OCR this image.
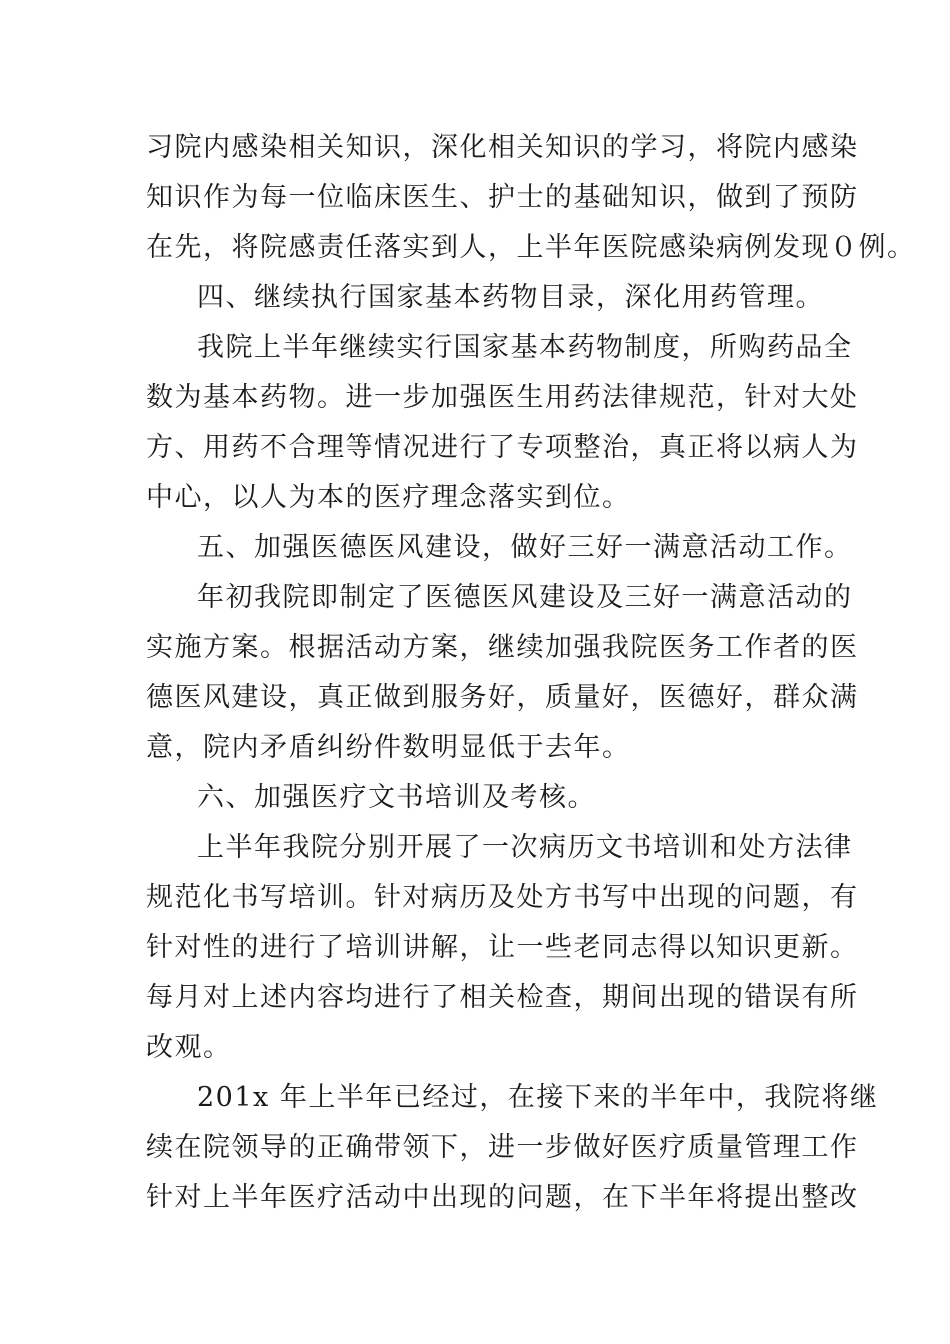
习院内感染相关知识，深化相关知识的学习，将院内感染
知识作为每一位临床医生、护士的基础知识，做到了预防
在先，将院感责任落实到人，上半年医院感染病例发现０例。
四、继续执行国家基本药物目录，深化用药管理。
我院上半年继续实行国家基本药物制度，所购药品全
数为基本药物。进一步加强医生用药法律规范，针对大处
方、用药不合理等情况进行了专项整治，真正将以病人为
中心，以人为本的医疗理念落实到位。
五、加强医德医风建设，做好三好一满意活动工作。
年初我院即制定了医德医风建设及三好一满意活动的
实施方案。根据活动方案，继续加强我院医务工作者的医
德医风建设，真正做到服务好，质量好，医德好，群众满
意，院内矛盾纠纷件数明显低于去年。
六、加强医疗文书培训及考核。
上半年我院分别开展了一次病历文书培训和处方法律
规范化书写培训。针对病历及处方书写中出现的问题，有
针对性的进行了培训讲解，让一些老同志得以知识更新。
每月对上述内容均进行了相关检查，期间出现的错误有所
改观。
201x 年上半年已经过，在接下来的半年中，我院将继
续在院领导的正确带领下，进一步做好医疗质量管理工作
针对上半年医疗活动中出现的问题，在下半年将提出整改
